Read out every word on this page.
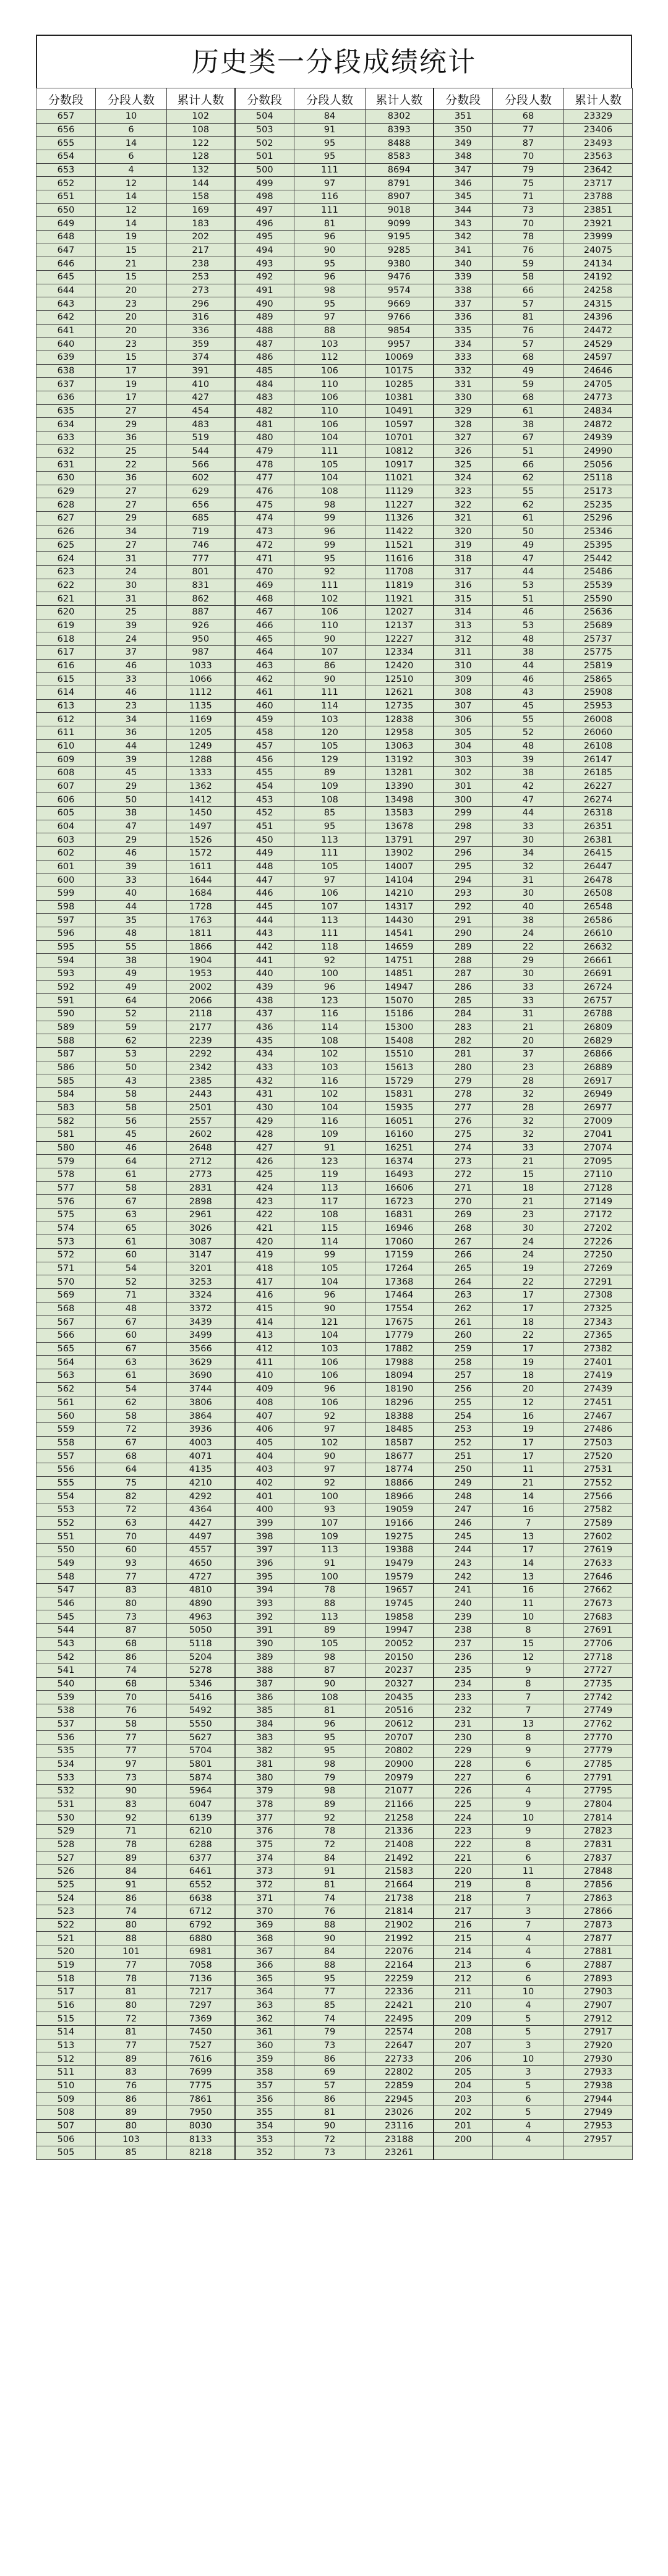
历史类一分段成绩统计
分数段	分段人数	累计人数	分数段	分段人数	累计人数	分数段	分段人数	累计人数
657	10	102	504	84	8302	351	68	23329
656	6	108	503	91	8393	350	77	23406
655	14	122	502	95	8488	349	87	23493
654	6	128	501	95	8583	348	70	23563
653	4	132	500	111	8694	347	79	23642
652	12	144	499	97	8791	346	75	23717
651	14	158	498	116	8907	345	71	23788
650	12	169	497	111	9018	344	73	23851
649	14	183	496	81	9099	343	70	23921
648	19	202	495	96	9195	342	78	23999
647	15	217	494	90	9285	341	76	24075
646	21	238	493	95	9380	340	59	24134
645	15	253	492	96	9476	339	58	24192
644	20	273	491	98	9574	338	66	24258
643	23	296	490	95	9669	337	57	24315
642	20	316	489	97	9766	336	81	24396
641	20	336	488	88	9854	335	76	24472
640	23	359	487	103	9957	334	57	24529
639	15	374	486	112	10069	333	68	24597
638	17	391	485	106	10175	332	49	24646
637	19	410	484	110	10285	331	59	24705
636	17	427	483	106	10381	330	68	24773
635	27	454	482	110	10491	329	61	24834
634	29	483	481	106	10597	328	38	24872
633	36	519	480	104	10701	327	67	24939
632	25	544	479	111	10812	326	51	24990
631	22	566	478	105	10917	325	66	25056
630	36	602	477	104	11021	324	62	25118
629	27	629	476	108	11129	323	55	25173
628	27	656	475	98	11227	322	62	25235
627	29	685	474	99	11326	321	61	25296
626	34	719	473	96	11422	320	50	25346
625	27	746	472	99	11521	319	49	25395
624	31	777	471	95	11616	318	47	25442
623	24	801	470	92	11708	317	44	25486
622	30	831	469	111	11819	316	53	25539
621	31	862	468	102	11921	315	51	25590
620	25	887	467	106	12027	314	46	25636
619	39	926	466	110	12137	313	53	25689
618	24	950	465	90	12227	312	48	25737
617	37	987	464	107	12334	311	38	25775
616	46	1033	463	86	12420	310	44	25819
615	33	1066	462	90	12510	309	46	25865
614	46	1112	461	111	12621	308	43	25908
613	23	1135	460	114	12735	307	45	25953
612	34	1169	459	103	12838	306	55	26008
611	36	1205	458	120	12958	305	52	26060
610	44	1249	457	105	13063	304	48	26108
609	39	1288	456	129	13192	303	39	26147
608	45	1333	455	89	13281	302	38	26185
607	29	1362	454	109	13390	301	42	26227
606	50	1412	453	108	13498	300	47	26274
605	38	1450	452	85	13583	299	44	26318
604	47	1497	451	95	13678	298	33	26351
603	29	1526	450	113	13791	297	30	26381
602	46	1572	449	111	13902	296	34	26415
601	39	1611	448	105	14007	295	32	26447
600	33	1644	447	97	14104	294	31	26478
599	40	1684	446	106	14210	293	30	26508
598	44	1728	445	107	14317	292	40	26548
597	35	1763	444	113	14430	291	38	26586
596	48	1811	443	111	14541	290	24	26610
595	55	1866	442	118	14659	289	22	26632
594	38	1904	441	92	14751	288	29	26661
593	49	1953	440	100	14851	287	30	26691
592	49	2002	439	96	14947	286	33	26724
591	64	2066	438	123	15070	285	33	26757
590	52	2118	437	116	15186	284	31	26788
589	59	2177	436	114	15300	283	21	26809
588	62	2239	435	108	15408	282	20	26829
587	53	2292	434	102	15510	281	37	26866
586	50	2342	433	103	15613	280	23	26889
585	43	2385	432	116	15729	279	28	26917
584	58	2443	431	102	15831	278	32	26949
583	58	2501	430	104	15935	277	28	26977
582	56	2557	429	116	16051	276	32	27009
581	45	2602	428	109	16160	275	32	27041
580	46	2648	427	91	16251	274	33	27074
579	64	2712	426	123	16374	273	21	27095
578	61	2773	425	119	16493	272	15	27110
577	58	2831	424	113	16606	271	18	27128
576	67	2898	423	117	16723	270	21	27149
575	63	2961	422	108	16831	269	23	27172
574	65	3026	421	115	16946	268	30	27202
573	61	3087	420	114	17060	267	24	27226
572	60	3147	419	99	17159	266	24	27250
571	54	3201	418	105	17264	265	19	27269
570	52	3253	417	104	17368	264	22	27291
569	71	3324	416	96	17464	263	17	27308
568	48	3372	415	90	17554	262	17	27325
567	67	3439	414	121	17675	261	18	27343
566	60	3499	413	104	17779	260	22	27365
565	67	3566	412	103	17882	259	17	27382
564	63	3629	411	106	17988	258	19	27401
563	61	3690	410	106	18094	257	18	27419
562	54	3744	409	96	18190	256	20	27439
561	62	3806	408	106	18296	255	12	27451
560	58	3864	407	92	18388	254	16	27467
559	72	3936	406	97	18485	253	19	27486
558	67	4003	405	102	18587	252	17	27503
557	68	4071	404	90	18677	251	17	27520
556	64	4135	403	97	18774	250	11	27531
555	75	4210	402	92	18866	249	21	27552
554	82	4292	401	100	18966	248	14	27566
553	72	4364	400	93	19059	247	16	27582
552	63	4427	399	107	19166	246	7	27589
551	70	4497	398	109	19275	245	13	27602
550	60	4557	397	113	19388	244	17	27619
549	93	4650	396	91	19479	243	14	27633
548	77	4727	395	100	19579	242	13	27646
547	83	4810	394	78	19657	241	16	27662
546	80	4890	393	88	19745	240	11	27673
545	73	4963	392	113	19858	239	10	27683
544	87	5050	391	89	19947	238	8	27691
543	68	5118	390	105	20052	237	15	27706
542	86	5204	389	98	20150	236	12	27718
541	74	5278	388	87	20237	235	9	27727
540	68	5346	387	90	20327	234	8	27735
539	70	5416	386	108	20435	233	7	27742
538	76	5492	385	81	20516	232	7	27749
537	58	5550	384	96	20612	231	13	27762
536	77	5627	383	95	20707	230	8	27770
535	77	5704	382	95	20802	229	9	27779
534	97	5801	381	98	20900	228	6	27785
533	73	5874	380	79	20979	227	6	27791
532	90	5964	379	98	21077	226	4	27795
531	83	6047	378	89	21166	225	9	27804
530	92	6139	377	92	21258	224	10	27814
529	71	6210	376	78	21336	223	9	27823
528	78	6288	375	72	21408	222	8	27831
527	89	6377	374	84	21492	221	6	27837
526	84	6461	373	91	21583	220	11	27848
525	91	6552	372	81	21664	219	8	27856
524	86	6638	371	74	21738	218	7	27863
523	74	6712	370	76	21814	217	3	27866
522	80	6792	369	88	21902	216	7	27873
521	88	6880	368	90	21992	215	4	27877
520	101	6981	367	84	22076	214	4	27881
519	77	7058	366	88	22164	213	6	27887
518	78	7136	365	95	22259	212	6	27893
517	81	7217	364	77	22336	211	10	27903
516	80	7297	363	85	22421	210	4	27907
515	72	7369	362	74	22495	209	5	27912
514	81	7450	361	79	22574	208	5	27917
513	77	7527	360	73	22647	207	3	27920
512	89	7616	359	86	22733	206	10	27930
511	83	7699	358	69	22802	205	3	27933
510	76	7775	357	57	22859	204	5	27938
509	86	7861	356	86	22945	203	6	27944
508	89	7950	355	81	23026	202	5	27949
507	80	8030	354	90	23116	201	4	27953
506	103	8133	353	72	23188	200	4	27957
505	85	8218	352	73	23261			
